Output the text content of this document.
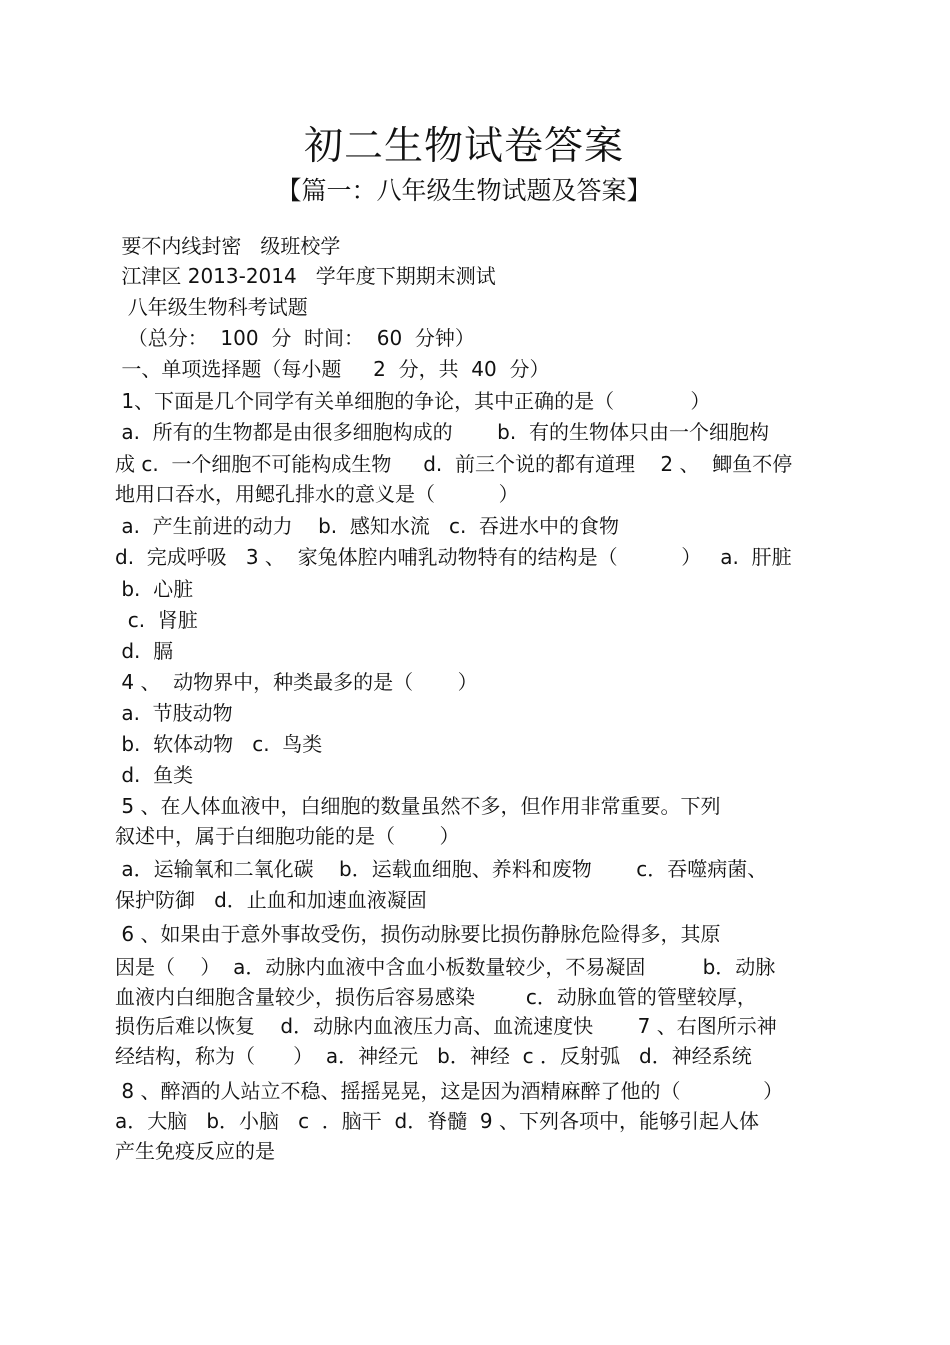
初二生物试卷答案
【篇一：八年级生物试题及答案】
要不内线封密   级班校学
江津区 2013-2014   学年度下期期末测试
八年级生物科考试题
（总分：  100  分  时间：  60  分钟）
一、单项选择题（每小题     2  分，共  40  分）
1、下面是几个同学有关单细胞的争论，其中正确的是（            ）
a.  所有的生物都是由很多细胞构成的       b.  有的生物体只由一个细胞构
成 c.  一个细胞不可能构成生物     d.  前三个说的都有道理    2 、  鲫鱼不停
地用口吞水，用鳃孔排水的意义是（          ）
a.  产生前进的动力    b.  感知水流   c.  吞进水中的食物
d.  完成呼吸   3 、  家兔体腔内哺乳动物特有的结构是（          ）   a.  肝脏
b.  心脏
c.  肾脏
d.  膈
4 、  动物界中，种类最多的是（       ）
a.  节肢动物
b.  软体动物   c.  鸟类
d.  鱼类
5 、在人体血液中，白细胞的数量虽然不多，但作用非常重要。下列
叙述中，属于白细胞功能的是（       ）
a．运输氧和二氧化碳    b．运载血细胞、养料和废物       c．吞噬病菌、
保护防御   d．止血和加速血液凝固
6 、如果由于意外事故受伤，损伤动脉要比损伤静脉危险得多，其原
因是（    ）  a．动脉内血液中含血小板数量较少，不易凝固         b．动脉
血液内白细胞含量较少，损伤后容易感染        c．动脉血管的管壁较厚，
损伤后难以恢复    d．动脉内血液压力高、血流速度快       7 、右图所示神
经结构，称为（      ）  a．神经元   b．神经  c ．反射弧   d．神经系统
8 、醉酒的人站立不稳、摇摇晃晃，这是因为酒精麻醉了他的（             ）
a．大脑   b．小脑   c  ．脑干  d．脊髓  9 、下列各项中，能够引起人体
产生免疫反应的是
